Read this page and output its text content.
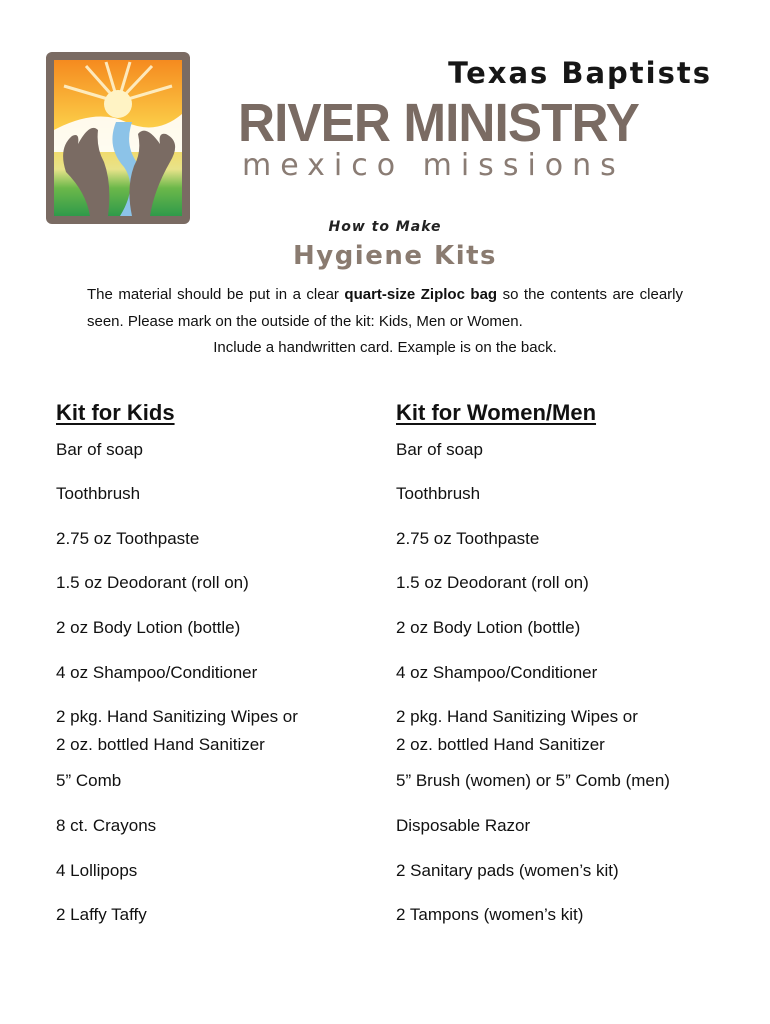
Texas Baptists
RIVER MINISTRY
mexico missions
How to Make
Hygiene Kits
The material should be put in a clear quart-size Ziploc bag so the contents are clearly seen. Please mark on the outside of the kit: Kids, Men or Women.
Include a handwritten card. Example is on the back.
Kit for Kids
Bar of soap
Toothbrush
2.75 oz Toothpaste
1.5 oz Deodorant (roll on)
2 oz Body Lotion (bottle)
4 oz Shampoo/Conditioner
2 pkg. Hand Sanitizing Wipes or
2 oz. bottled Hand Sanitizer
5” Comb
8 ct. Crayons
4 Lollipops
2 Laffy Taffy
Kit for Women/Men
Bar of soap
Toothbrush
2.75 oz Toothpaste
1.5 oz Deodorant (roll on)
2 oz Body Lotion (bottle)
4 oz Shampoo/Conditioner
2 pkg. Hand Sanitizing Wipes or
2 oz. bottled Hand Sanitizer
5” Brush (women) or 5” Comb (men)
Disposable Razor
2 Sanitary pads (women’s kit)
2 Tampons (women’s kit)
